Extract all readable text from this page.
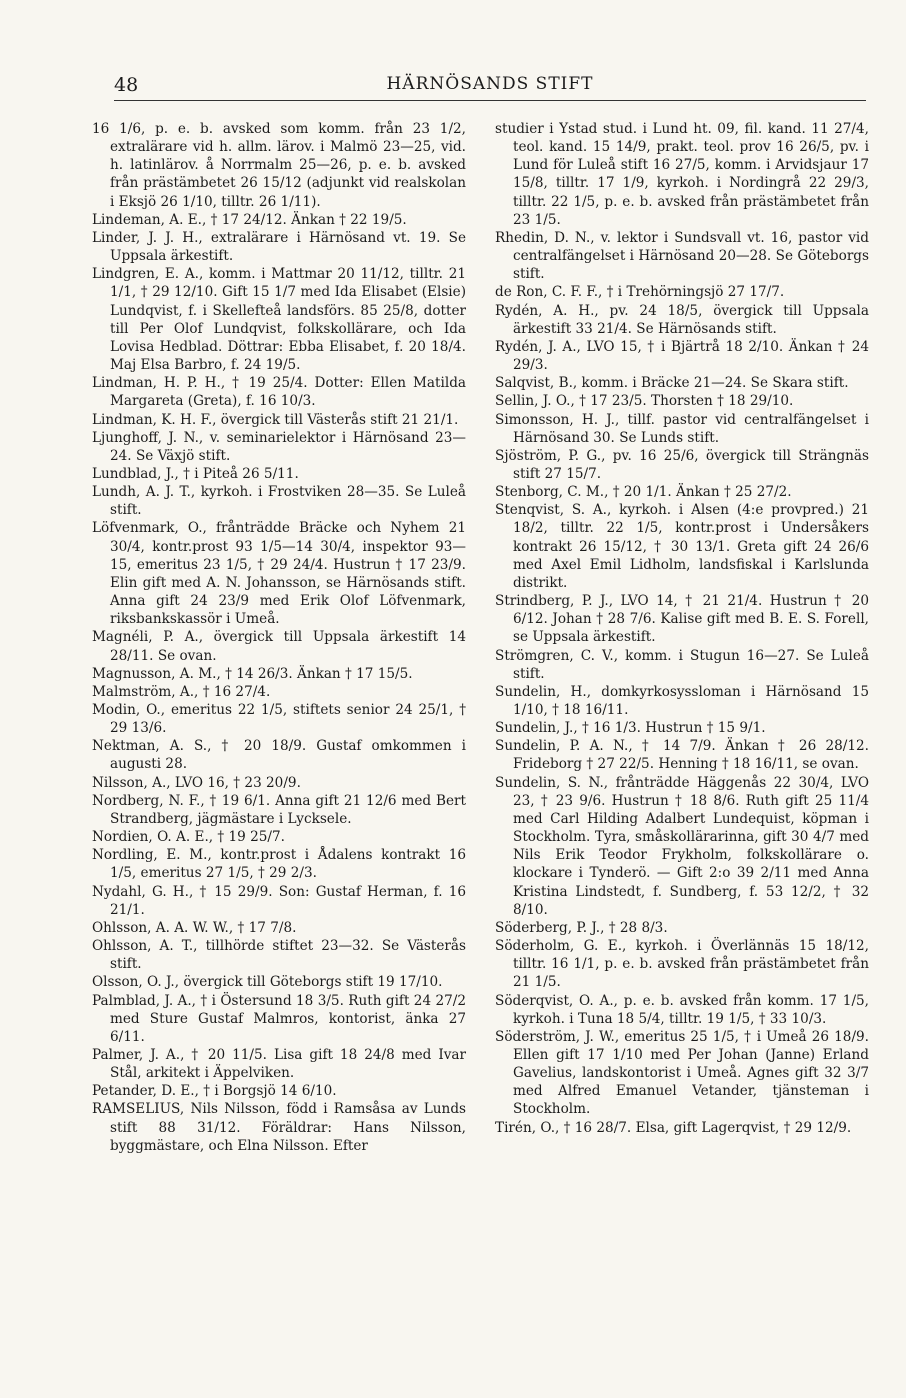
48	HÄRNÖSANDS STIFT

16 1/6, p. e. b. avsked som komm. från 23 1/2, extralärare vid h. allm. lärov. i Malmö 23—25, vid. h. latinlärov. å Norrmalm 25—26, p. e. b. avsked från prästämbetet 26 15/12 (adjunkt vid realskolan i Eksjö 26 1/10, tilltr. 26 1/11).

Lindeman, A. E., † 17 24/12. Änkan † 22 19/5.

Linder, J. J. H., extralärare i Härnösand vt. 19. Se Uppsala ärkestift.

Lindgren, E. A., komm. i Mattmar 20 11/12, tilltr. 21 1/1, † 29 12/10. Gift 15 1/7 med Ida Elisabet (Elsie) Lundqvist, f. i Skellefteå landsförs. 85 25/8, dotter till Per Olof Lundqvist, folkskollärare, och Ida Lovisa Hedblad. Döttrar: Ebba Elisabet, f. 20 18/4. Maj Elsa Barbro, f. 24 19/5.

Lindman, H. P. H., † 19 25/4. Dotter: Ellen Matilda Margareta (Greta), f. 16 10/3.

Lindman, K. H. F., övergick till Västerås stift 21 21/1.

Ljunghoff, J. N., v. seminarielektor i Härnösand 23—24. Se Växjö stift.

Lundblad, J., † i Piteå 26 5/11.

Lundh, A. J. T., kyrkoh. i Frostviken 28—35. Se Luleå stift.

Löfvenmark, O., frånträdde Bräcke och Nyhem 21 30/4, kontr.prost 93 1/5—14 30/4, inspektor 93—15, emeritus 23 1/5, † 29 24/4. Hustrun † 17 23/9. Elin gift med A. N. Johansson, se Härnösands stift. Anna gift 24 23/9 med Erik Olof Löfvenmark, riksbankskassör i Umeå.

Magnéli, P. A., övergick till Uppsala ärkestift 14 28/11. Se ovan.

Magnusson, A. M., † 14 26/3. Änkan † 17 15/5.

Malmström, A., † 16 27/4.

Modin, O., emeritus 22 1/5, stiftets senior 24 25/1, † 29 13/6.

Nektman, A. S., † 20 18/9. Gustaf omkommen i augusti 28.

Nilsson, A., LVO 16, † 23 20/9.

Nordberg, N. F., † 19 6/1. Anna gift 21 12/6 med Bert Strandberg, jägmästare i Lycksele.

Nordien, O. A. E., † 19 25/7.

Nordling, E. M., kontr.prost i Ådalens kontrakt 16 1/5, emeritus 27 1/5, † 29 2/3.

Nydahl, G. H., † 15 29/9. Son: Gustaf Herman, f. 16 21/1.

Ohlsson, A. A. W. W., † 17 7/8.

Ohlsson, A. T., tillhörde stiftet 23—32. Se Västerås stift.

Olsson, O. J., övergick till Göteborgs stift 19 17/10.

Palmblad, J. A., † i Östersund 18 3/5. Ruth gift 24 27/2 med Sture Gustaf Malmros, kontorist, änka 27 6/11.

Palmer, J. A., † 20 11/5. Lisa gift 18 24/8 med Ivar Stål, arkitekt i Äppelviken.

Petander, D. E., † i Borgsjö 14 6/10.

RAMSELIUS, Nils Nilsson, född i Ramsåsa av Lunds stift 88 31/12. Föräldrar: Hans Nilsson, byggmästare, och Elna Nilsson. Efter

studier i Ystad stud. i Lund ht. 09, fil. kand. 11 27/4, teol. kand. 15 14/9, prakt. teol. prov 16 26/5, pv. i Lund för Luleå stift 16 27/5, komm. i Arvidsjaur 17 15/8, tilltr. 17 1/9, kyrkoh. i Nordingrå 22 29/3, tilltr. 22 1/5, p. e. b. avsked från prästämbetet från 23 1/5.

Rhedin, D. N., v. lektor i Sundsvall vt. 16, pastor vid centralfängelset i Härnösand 20—28. Se Göteborgs stift.

de Ron, C. F. F., † i Trehörningsjö 27 17/7.

Rydén, A. H., pv. 24 18/5, övergick till Uppsala ärkestift 33 21/4. Se Härnösands stift.

Rydén, J. A., LVO 15, † i Bjärtrå 18 2/10. Änkan † 24 29/3.

Salqvist, B., komm. i Bräcke 21—24. Se Skara stift.

Sellin, J. O., † 17 23/5. Thorsten † 18 29/10.

Simonsson, H. J., tillf. pastor vid centralfängelset i Härnösand 30. Se Lunds stift.

Sjöström, P. G., pv. 16 25/6, övergick till Strängnäs stift 27 15/7.

Stenborg, C. M., † 20 1/1. Änkan † 25 27/2.

Stenqvist, S. A., kyrkoh. i Alsen (4:e provpred.) 21 18/2, tilltr. 22 1/5, kontr.prost i Undersåkers kontrakt 26 15/12, † 30 13/1. Greta gift 24 26/6 med Axel Emil Lidholm, landsfiskal i Karlslunda distrikt.

Strindberg, P. J., LVO 14, † 21 21/4. Hustrun † 20 6/12. Johan † 28 7/6. Kalise gift med B. E. S. Forell, se Uppsala ärkestift.

Strömgren, C. V., komm. i Stugun 16—27. Se Luleå stift.

Sundelin, H., domkyrkosyssloman i Härnösand 15 1/10, † 18 16/11.

Sundelin, J., † 16 1/3. Hustrun † 15 9/1.

Sundelin, P. A. N., † 14 7/9. Änkan † 26 28/12. Frideborg † 27 22/5. Henning † 18 16/11, se ovan.

Sundelin, S. N., frånträdde Häggenås 22 30/4, LVO 23, † 23 9/6. Hustrun † 18 8/6. Ruth gift 25 11/4 med Carl Hilding Adalbert Lundequist, köpman i Stockholm. Tyra, småskollärarinna, gift 30 4/7 med Nils Erik Teodor Frykholm, folkskollärare o. klockare i Tynderö. — Gift 2:o 39 2/11 med Anna Kristina Lindstedt, f. Sundberg, f. 53 12/2, † 32 8/10.

Söderberg, P. J., † 28 8/3.

Söderholm, G. E., kyrkoh. i Överlännäs 15 18/12, tilltr. 16 1/1, p. e. b. avsked från prästämbetet från 21 1/5.

Söderqvist, O. A., p. e. b. avsked från komm. 17 1/5, kyrkoh. i Tuna 18 5/4, tilltr. 19 1/5, † 33 10/3.

Söderström, J. W., emeritus 25 1/5, † i Umeå 26 18/9. Ellen gift 17 1/10 med Per Johan (Janne) Erland Gavelius, landskontorist i Umeå. Agnes gift 32 3/7 med Alfred Emanuel Vetander, tjänsteman i Stockholm.

Tirén, O., † 16 28/7. Elsa, gift Lagerqvist, † 29 12/9.
